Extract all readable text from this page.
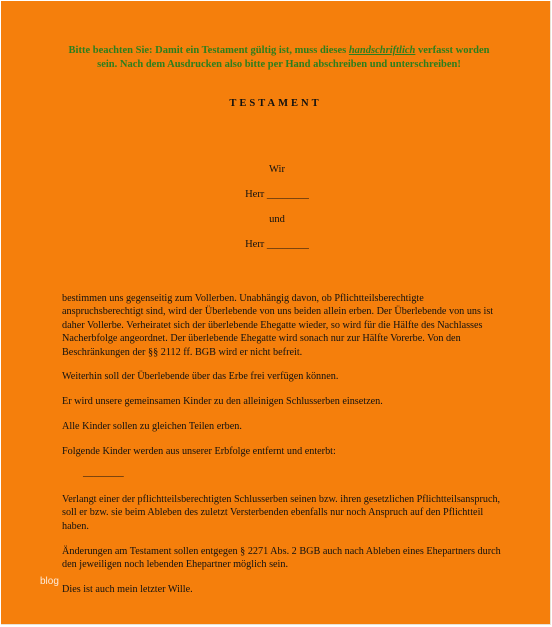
Bitte beachten Sie: Damit ein Testament gültig ist, muss dieses handschriftlich verfasst worden sein. Nach dem Ausdrucken also bitte per Hand abschreiben und unterschreiben!
TESTAMENT
Wir
Herr ________
und
Herr ________
bestimmen uns gegenseitig zum Vollerben. Unabhängig davon, ob Pflichtteilsberechtigte anspruchsberechtigt sind, wird der Überlebende von uns beiden allein erben. Der Überlebende von uns ist daher Vollerbe. Verheiratet sich der überlebende Ehegatte wieder, so wird für die Hälfte des Nachlasses Nacherbfolge angeordnet. Der überlebende Ehegatte wird sonach nur zur Hälfte Vorerbe. Von den Beschränkungen der §§ 2112 ff. BGB wird er nicht befreit.
Weiterhin soll der Überlebende über das Erbe frei verfügen können.
Er wird unsere gemeinsamen Kinder zu den alleinigen Schlusserben einsetzen.
Alle Kinder sollen zu gleichen Teilen erben.
Folgende Kinder werden aus unserer Erbfolge entfernt und enterbt:
________
Verlangt einer der pflichtteilsberechtigten Schlusserben seinen bzw. ihren gesetzlichen Pflichtteilsanspruch, soll er bzw. sie beim Ableben des zuletzt Versterbenden ebenfalls nur noch Anspruch auf den Pflichtteil haben.
Änderungen am Testament sollen entgegen § 2271 Abs. 2 BGB auch nach Ableben eines Ehepartners durch den jeweiligen noch lebenden Ehepartner möglich sein.
Dies ist auch mein letzter Wille.
blog
